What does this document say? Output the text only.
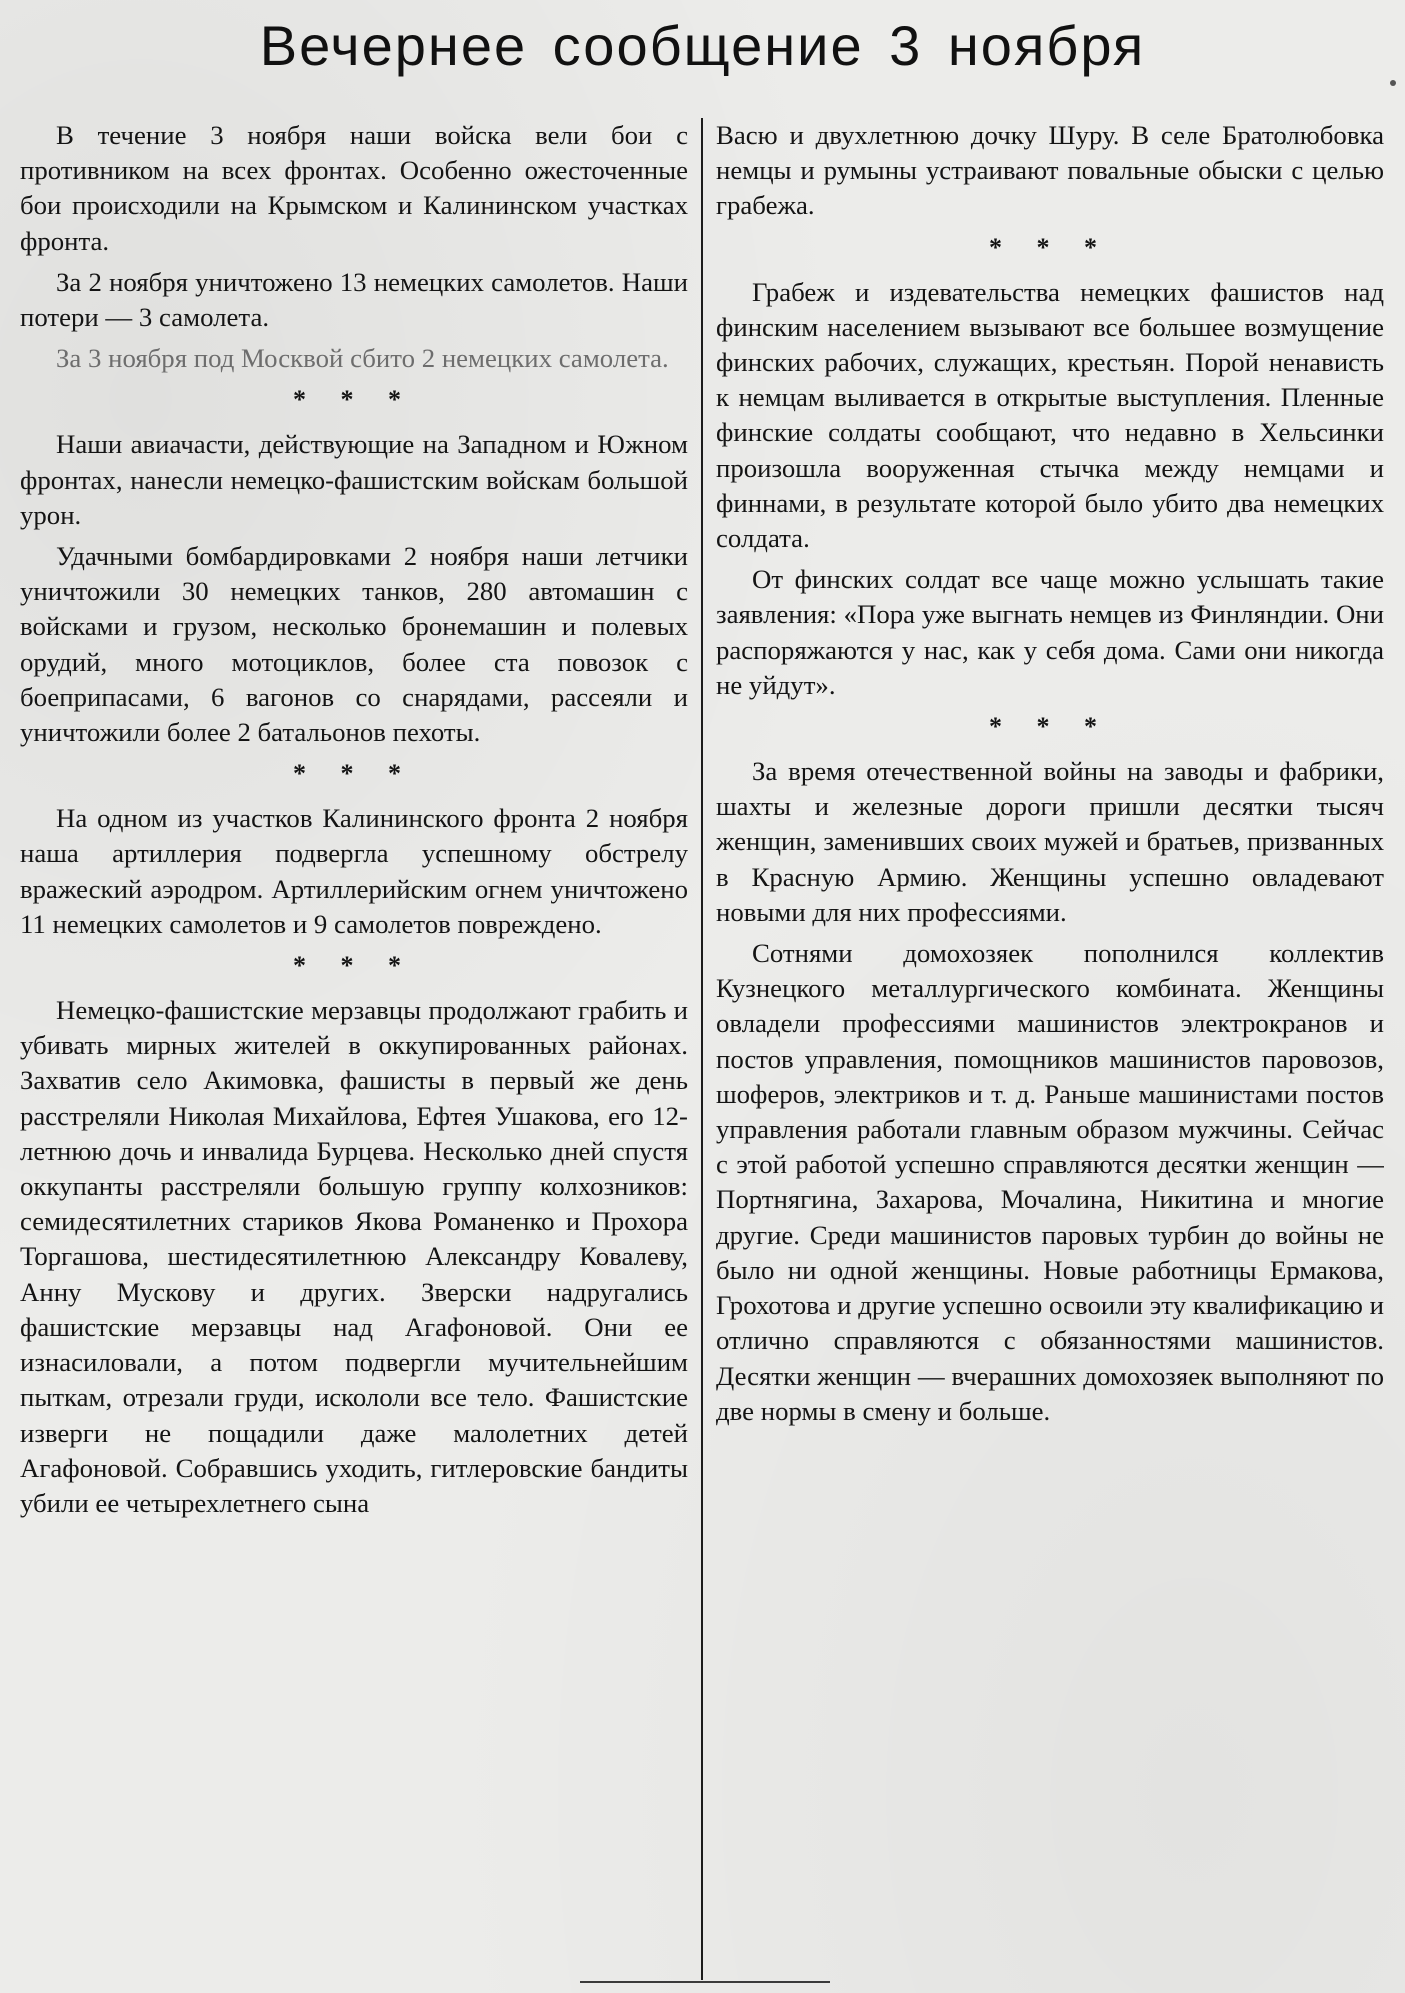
Вечернее сообщение 3 ноября

В течение 3 ноября наши войска вели бои с противником на всех фронтах. Особенно ожесточенные бои происходили на Крымском и Калининском участках фронта.

За 2 ноября уничтожено 13 немецких самолетов. Наши потери — 3 самолета.

За 3 ноября под Москвой сбито 2 немецких самолета.

* * *

Наши авиачасти, действующие на Западном и Южном фронтах, нанесли немецко-фашистским войскам большой урон.

Удачными бомбардировками 2 ноября наши летчики уничтожили 30 немецких танков, 280 автомашин с войсками и грузом, несколько бронемашин и полевых орудий, много мотоциклов, более ста повозок с боеприпасами, 6 вагонов со снарядами, рассеяли и уничтожили более 2 батальонов пехоты.

* * *

На одном из участков Калининского фронта 2 ноября наша артиллерия подвергла успешному обстрелу вражеский аэродром. Артиллерийским огнем уничтожено 11 немецких самолетов и 9 самолетов повреждено.

* * *

Немецко-фашистские мерзавцы продолжают грабить и убивать мирных жителей в оккупированных районах. Захватив село Акимовка, фашисты в первый же день расстреляли Николая Михайлова, Ефтея Ушакова, его 12-летнюю дочь и инвалида Бурцева. Несколько дней спустя оккупанты расстреляли большую группу колхозников: семидесятилетних стариков Якова Романенко и Прохора Торгашова, шестидесятилетнюю Александру Ковалеву, Анну Мускову и других. Зверски надругались фашистские мерзавцы над Агафоновой. Они ее изнасиловали, а потом подвергли мучительнейшим пыткам, отрезали груди, искололи все тело. Фашистские изверги не пощадили даже малолетних детей Агафоновой. Собравшись уходить, гитлеровские бандиты убили ее четырехлетнего сына

Васю и двухлетнюю дочку Шуру. В селе Братолюбовка немцы и румыны устраивают повальные обыски с целью грабежа.

* * *

Грабеж и издевательства немецких фашистов над финским населением вызывают все большее возмущение финских рабочих, служащих, крестьян. Порой ненависть к немцам выливается в открытые выступления. Пленные финские солдаты сообщают, что недавно в Хельсинки произошла вооруженная стычка между немцами и финнами, в результате которой было убито два немецких солдата.

От финских солдат все чаще можно услышать такие заявления: «Пора уже выгнать немцев из Финляндии. Они распоряжаются у нас, как у себя дома. Сами они никогда не уйдут».

* * *

За время отечественной войны на заводы и фабрики, шахты и железные дороги пришли десятки тысяч женщин, заменивших своих мужей и братьев, призванных в Красную Армию. Женщины успешно овладевают новыми для них профессиями.

Сотнями домохозяек пополнился коллектив Кузнецкого металлургического комбината. Женщины овладели профессиями машинистов электрокранов и постов управления, помощников машинистов паровозов, шоферов, электриков и т. д. Раньше машинистами постов управления работали главным образом мужчины. Сейчас с этой работой успешно справляются десятки женщин — Портнягина, Захарова, Мочалина, Никитина и многие другие. Среди машинистов паровых турбин до войны не было ни одной женщины. Новые работницы Ермакова, Грохотова и другие успешно освоили эту квалификацию и отлично справляются с обязанностями машинистов. Десятки женщин — вчерашних домохозяек выполняют по две нормы в смену и больше.
